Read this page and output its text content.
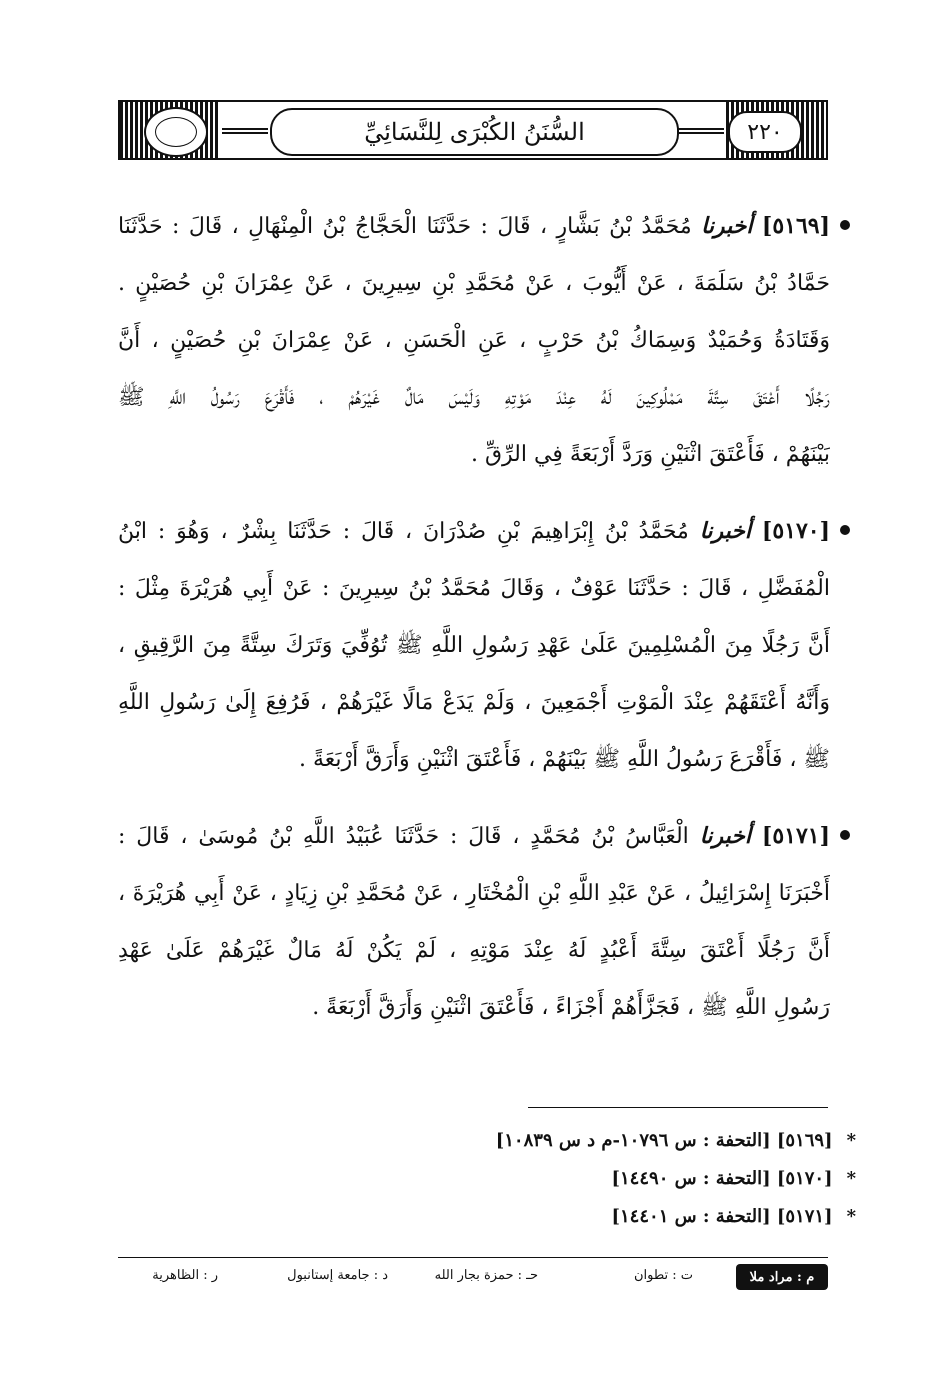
السُّنَنُ الكُبْرَى لِلنَّسَائِيِّ	٢٢٠
[٥١٦٩] أخبرنا مُحَمَّدُ بْنُ بَشَّارٍ ، قَالَ : حَدَّثَنَا الْحَجَّاجُ بْنُ الْمِنْهَالِ ، قَالَ : حَدَّثَنَا
حَمَّادُ بْنُ سَلَمَةَ ، عَنْ أَيُّوبَ ، عَنْ مُحَمَّدِ بْنِ سِيرِينَ ، عَنْ عِمْرَانَ بْنِ حُصَيْنٍ .
وَقَتَادَةُ وَحُمَيْدٌ وَسِمَاكُ بْنُ حَرْبٍ ، عَنِ الْحَسَنِ ، عَنْ عِمْرَانَ بْنِ حُصَيْنٍ ، أَنَّ
رَجُلًا أَعْتَقَ سِتَّةَ مَمْلُوكِينَ لَهُ عِنْدَ مَوْتِهِ وَلَيْسَ مَالٌ غَيْرَهُمْ ، فَأَقْرَعَ رَسُولُ اللَّهِ ﷺ
بَيْنَهُمْ ، فَأَعْتَقَ اثْنَيْنِ وَرَدَّ أَرْبَعَةً فِي الرِّقِّ .
[٥١٧٠] أخبرنا مُحَمَّدُ بْنُ إِبْرَاهِيمَ بْنِ صُدْرَانَ ، قَالَ : حَدَّثَنَا بِشْرٌ ، وَهُوَ : ابْنُ
الْمُفَضَّلِ ، قَالَ : حَدَّثَنَا عَوْفٌ ، وَقَالَ مُحَمَّدُ بْنُ سِيرِينَ : عَنْ أَبِي هُرَيْرَةَ مِثْلَ :
أَنَّ رَجُلًا مِنَ الْمُسْلِمِينَ عَلَىٰ عَهْدِ رَسُولِ اللَّهِ ﷺ تُوُفِّيَ وَتَرَكَ سِتَّةً مِنَ الرَّقِيقِ ،
وَأَنَّهُ أَعْتَقَهُمْ عِنْدَ الْمَوْتِ أَجْمَعِينَ ، وَلَمْ يَدَعْ مَالًا غَيْرَهُمْ ، فَرُفِعَ إِلَىٰ رَسُولِ اللَّهِ
ﷺ ، فَأَقْرَعَ رَسُولُ اللَّهِ ﷺ بَيْنَهُمْ ، فَأَعْتَقَ اثْنَيْنِ وَأَرَقَّ أَرْبَعَةً .
[٥١٧١] أخبرنا الْعَبَّاسُ بْنُ مُحَمَّدٍ ، قَالَ : حَدَّثَنَا عُبَيْدُ اللَّهِ بْنُ مُوسَىٰ ، قَالَ :
أَخْبَرَنَا إِسْرَائِيلُ ، عَنْ عَبْدِ اللَّهِ بْنِ الْمُخْتَارِ ، عَنْ مُحَمَّدِ بْنِ زِيَادٍ ، عَنْ أَبِي هُرَيْرَةَ ،
أَنَّ رَجُلًا أَعْتَقَ سِتَّةَ أَعْبُدٍ لَهُ عِنْدَ مَوْتِهِ ، لَمْ يَكُنْ لَهُ مَالٌ غَيْرَهُمْ عَلَىٰ عَهْدِ
رَسُولِ اللَّهِ ﷺ ، فَجَزَّأَهُمْ أَجْزَاءً ، فَأَعْتَقَ اثْنَيْنِ وَأَرَقَّ أَرْبَعَةً .
*[٥١٦٩] [التحفة : س ١٠٧٩٦-م د س ١٠٨٣٩]
*[٥١٧٠] [التحفة : س ١٤٤٩٠]
*[٥١٧١] [التحفة : س ١٤٤٠١]
م : مراد ملا
ت : تطوان
حـ : حمزة بجار الله
د : جامعة إستانبول
ر : الظاهرية
